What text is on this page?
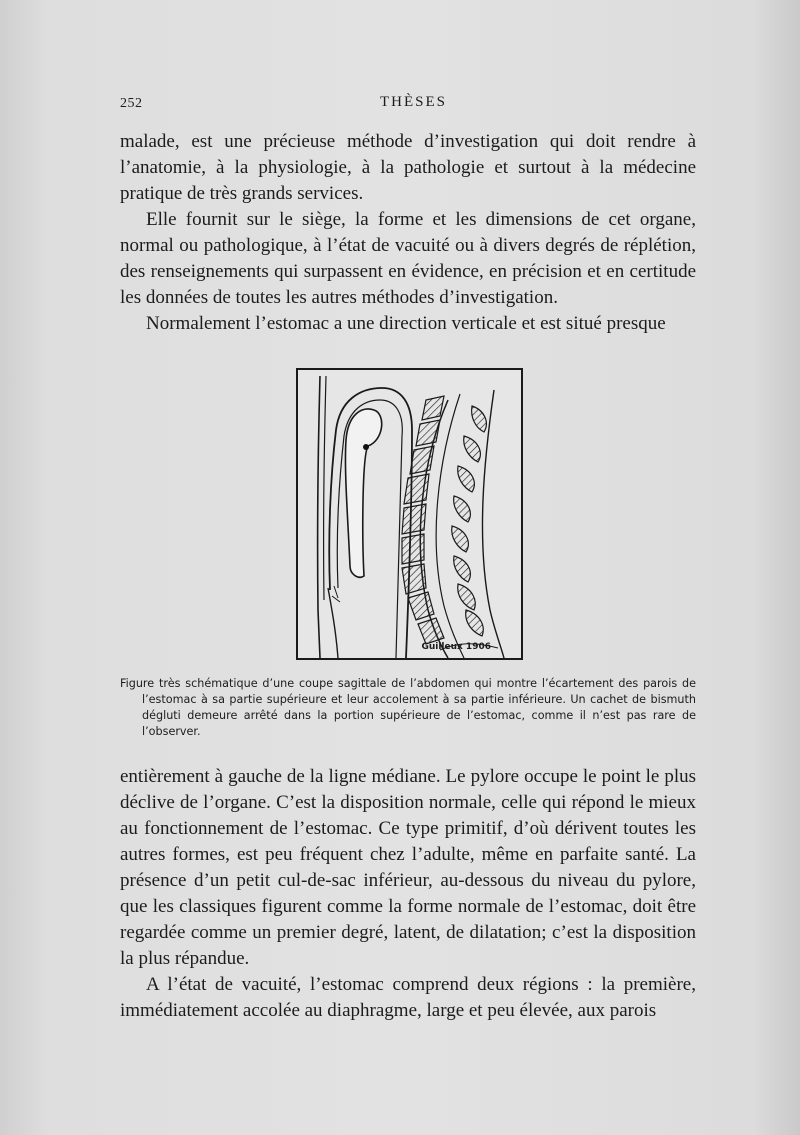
252	THÈSES

malade, est une précieuse méthode d’investigation qui doit rendre à l’anatomie, à la physiologie, à la pathologie et surtout à la médecine pratique de très grands services.

Elle fournit sur le siège, la forme et les dimensions de cet organe, normal ou pathologique, à l’état de vacuité ou à divers degrés de réplétion, des renseignements qui surpassent en évidence, en précision et en certitude les données de toutes les autres méthodes d’investigation.

Normalement l’estomac a une direction verticale et est situé presque

Guilleux 1906

Figure très schématique d’une coupe sagittale de l’abdomen qui montre l’écartement des parois de l’estomac à sa partie supérieure et leur accolement à sa partie inférieure. Un cachet de bismuth dégluti demeure arrêté dans la portion supérieure de l’estomac, comme il n’est pas rare de l’observer.

entièrement à gauche de la ligne médiane. Le pylore occupe le point le plus déclive de l’organe. C’est la disposition normale, celle qui répond le mieux au fonctionnement de l’estomac. Ce type primitif, d’où dérivent toutes les autres formes, est peu fréquent chez l’adulte, même en parfaite santé. La présence d’un petit cul-de-sac inférieur, au-dessous du niveau du pylore, que les classiques figurent comme la forme normale de l’estomac, doit être regardée comme un premier degré, latent, de dilatation; c’est la disposition la plus répandue.

A l’état de vacuité, l’estomac comprend deux régions : la première, immédiatement accolée au diaphragme, large et peu élevée, aux parois
